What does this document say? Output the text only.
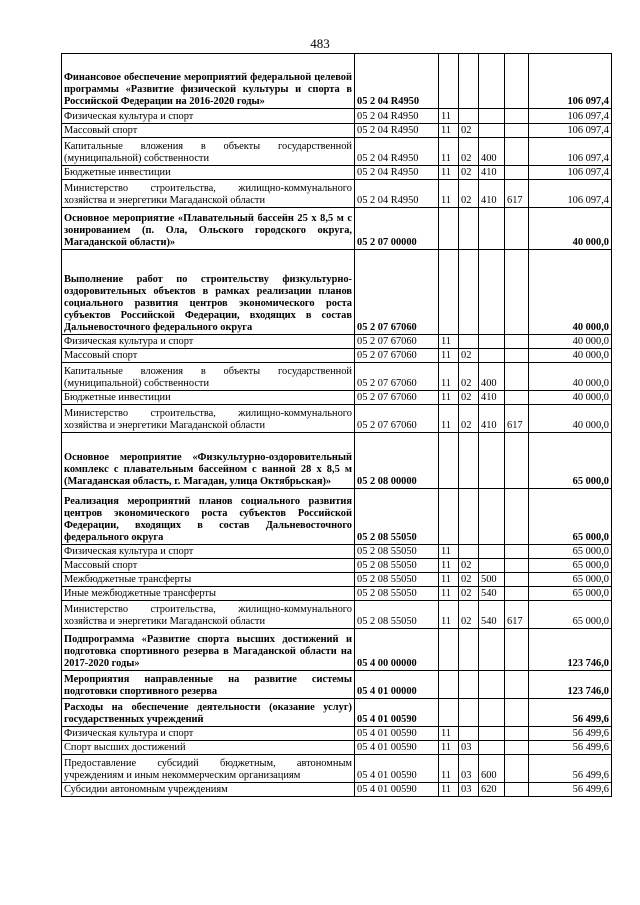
483
Финансовое обеспечение мероприятий федеральной целевой программы «Развитие физической культуры и спорта в Российской Федерации на 2016-2020 годы»	05 2 04 R4950					106 097,4
Физическая культура и спорт	05 2 04 R4950	11				106 097,4
Массовый спорт	05 2 04 R4950	11	02			106 097,4
Капитальные вложения в объекты государственной (муниципальной) собственности	05 2 04 R4950	11	02	400		106 097,4
Бюджетные инвестиции	05 2 04 R4950	11	02	410		106 097,4
Министерство строительства, жилищно-коммунального хозяйства и энергетики Магаданской области	05 2 04 R4950	11	02	410	617	106 097,4
Основное мероприятие «Плавательный бассейн 25 х 8,5 м с зонированием (п. Ола, Ольского городского округа, Магаданской области)»	05 2 07 00000					40 000,0
Выполнение работ по строительству физкультурно-оздоровительных объектов в рамках реализации планов социального развития центров экономического роста субъектов Российской Федерации, входящих в состав Дальневосточного федерального округа	05 2 07 67060					40 000,0
Физическая культура и спорт	05 2 07 67060	11				40 000,0
Массовый спорт	05 2 07 67060	11	02			40 000,0
Капитальные вложения в объекты государственной (муниципальной) собственности	05 2 07 67060	11	02	400		40 000,0
Бюджетные инвестиции	05 2 07 67060	11	02	410		40 000,0
Министерство строительства, жилищно-коммунального хозяйства и энергетики Магаданской области	05 2 07 67060	11	02	410	617	40 000,0
Основное мероприятие «Физкультурно-оздоровительный комплекс с плавательным бассейном с ванной 28 х 8,5 м (Магаданская область, г. Магадан, улица Октябрьская)»	05 2 08 00000					65 000,0
Реализация мероприятий планов социального развития центров экономического роста субъектов Российской Федерации, входящих в состав Дальневосточного федерального округа	05 2 08 55050					65 000,0
Физическая культура и спорт	05 2 08 55050	11				65 000,0
Массовый спорт	05 2 08 55050	11	02			65 000,0
Межбюджетные трансферты	05 2 08 55050	11	02	500		65 000,0
Иные межбюджетные трансферты	05 2 08 55050	11	02	540		65 000,0
Министерство строительства, жилищно-коммунального хозяйства и энергетики Магаданской области	05 2 08 55050	11	02	540	617	65 000,0
Подпрограмма «Развитие спорта высших достижений и подготовка спортивного резерва в Магаданской области на 2017-2020 годы»	05 4 00 00000					123 746,0
Мероприятия направленные на развитие системы подготовки спортивного резерва	05 4 01 00000					123 746,0
Расходы на обеспечение деятельности (оказание услуг) государственных учреждений	05 4 01 00590					56 499,6
Физическая культура и спорт	05 4 01 00590	11				56 499,6
Спорт высших достижений	05 4 01 00590	11	03			56 499,6
Предоставление субсидий бюджетным, автономным учреждениям и иным некоммерческим организациям	05 4 01 00590	11	03	600		56 499,6
Субсидии автономным учреждениям	05 4 01 00590	11	03	620		56 499,6
